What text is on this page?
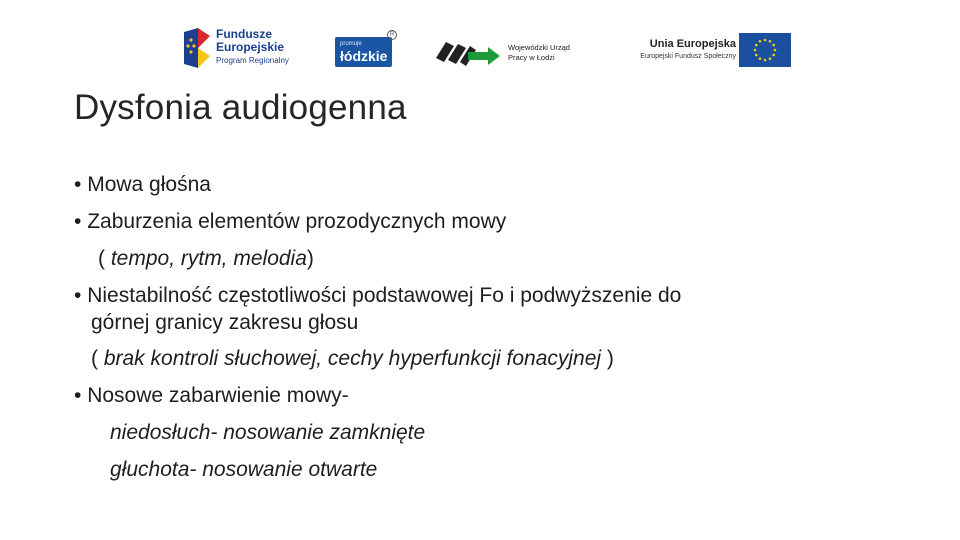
Fundusze
Europejskie
Program Regionalny
promuje
łódzkie
R
Wojewódzki Urząd
Pracy w Łodzi
Unia Europejska
Europejski Fundusz Społeczny
Dysfonia audiogenna
• Mowa głośna
• Zaburzenia elementów prozodycznych mowy
( tempo, rytm, melodia)
• Niestabilność częstotliwości podstawowej Fo i podwyższenie do
górnej granicy zakresu głosu
( brak kontroli słuchowej, cechy hyperfunkcji fonacyjnej )
• Nosowe zabarwienie mowy-
niedosłuch- nosowanie zamknięte
głuchota- nosowanie otwarte
